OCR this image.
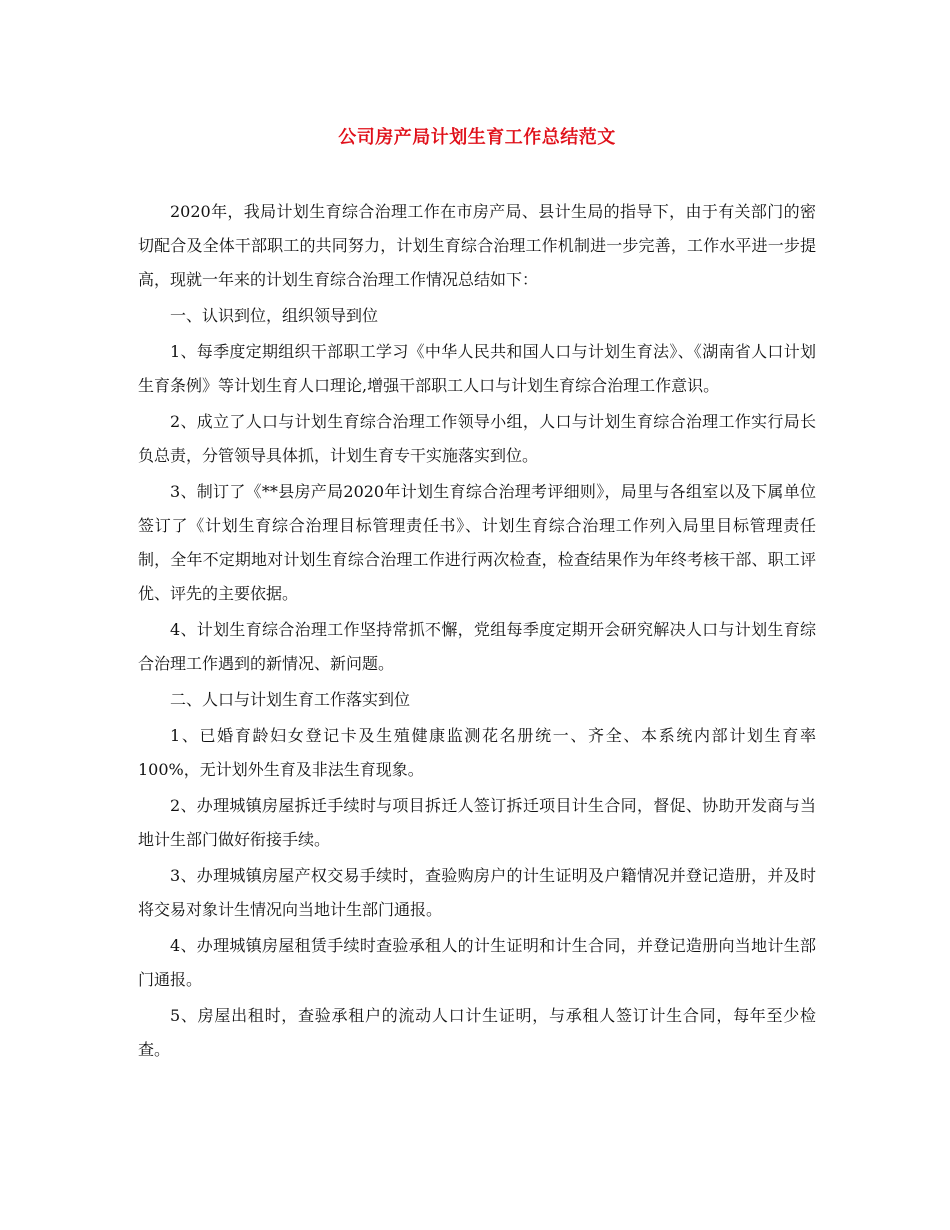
公司房产局计划生育工作总结范文

2020年，我局计划生育综合治理工作在市房产局、县计生局的指导下，由于有关部门的密切配合及全体干部职工的共同努力，计划生育综合治理工作机制进一步完善，工作水平进一步提高，现就一年来的计划生育综合治理工作情况总结如下：

一、认识到位，组织领导到位

1、每季度定期组织干部职工学习《中华人民共和国人口与计划生育法》、《湖南省人口计划生育条例》等计划生育人口理论,增强干部职工人口与计划生育综合治理工作意识。

2、成立了人口与计划生育综合治理工作领导小组，人口与计划生育综合治理工作实行局长负总责，分管领导具体抓，计划生育专干实施落实到位。

3、制订了《**县房产局2020年计划生育综合治理考评细则》，局里与各组室以及下属单位签订了《计划生育综合治理目标管理责任书》、计划生育综合治理工作列入局里目标管理责任制，全年不定期地对计划生育综合治理工作进行两次检查，检查结果作为年终考核干部、职工评优、评先的主要依据。

4、计划生育综合治理工作坚持常抓不懈，党组每季度定期开会研究解决人口与计划生育综合治理工作遇到的新情况、新问题。

二、人口与计划生育工作落实到位

1、已婚育龄妇女登记卡及生殖健康监测花名册统一、齐全、本系统内部计划生育率100%，无计划外生育及非法生育现象。

2、办理城镇房屋拆迁手续时与项目拆迁人签订拆迁项目计生合同，督促、协助开发商与当地计生部门做好衔接手续。

3、办理城镇房屋产权交易手续时，查验购房户的计生证明及户籍情况并登记造册，并及时将交易对象计生情况向当地计生部门通报。

4、办理城镇房屋租赁手续时查验承租人的计生证明和计生合同，并登记造册向当地计生部门通报。

5、房屋出租时，查验承租户的流动人口计生证明，与承租人签订计生合同，每年至少检查。
